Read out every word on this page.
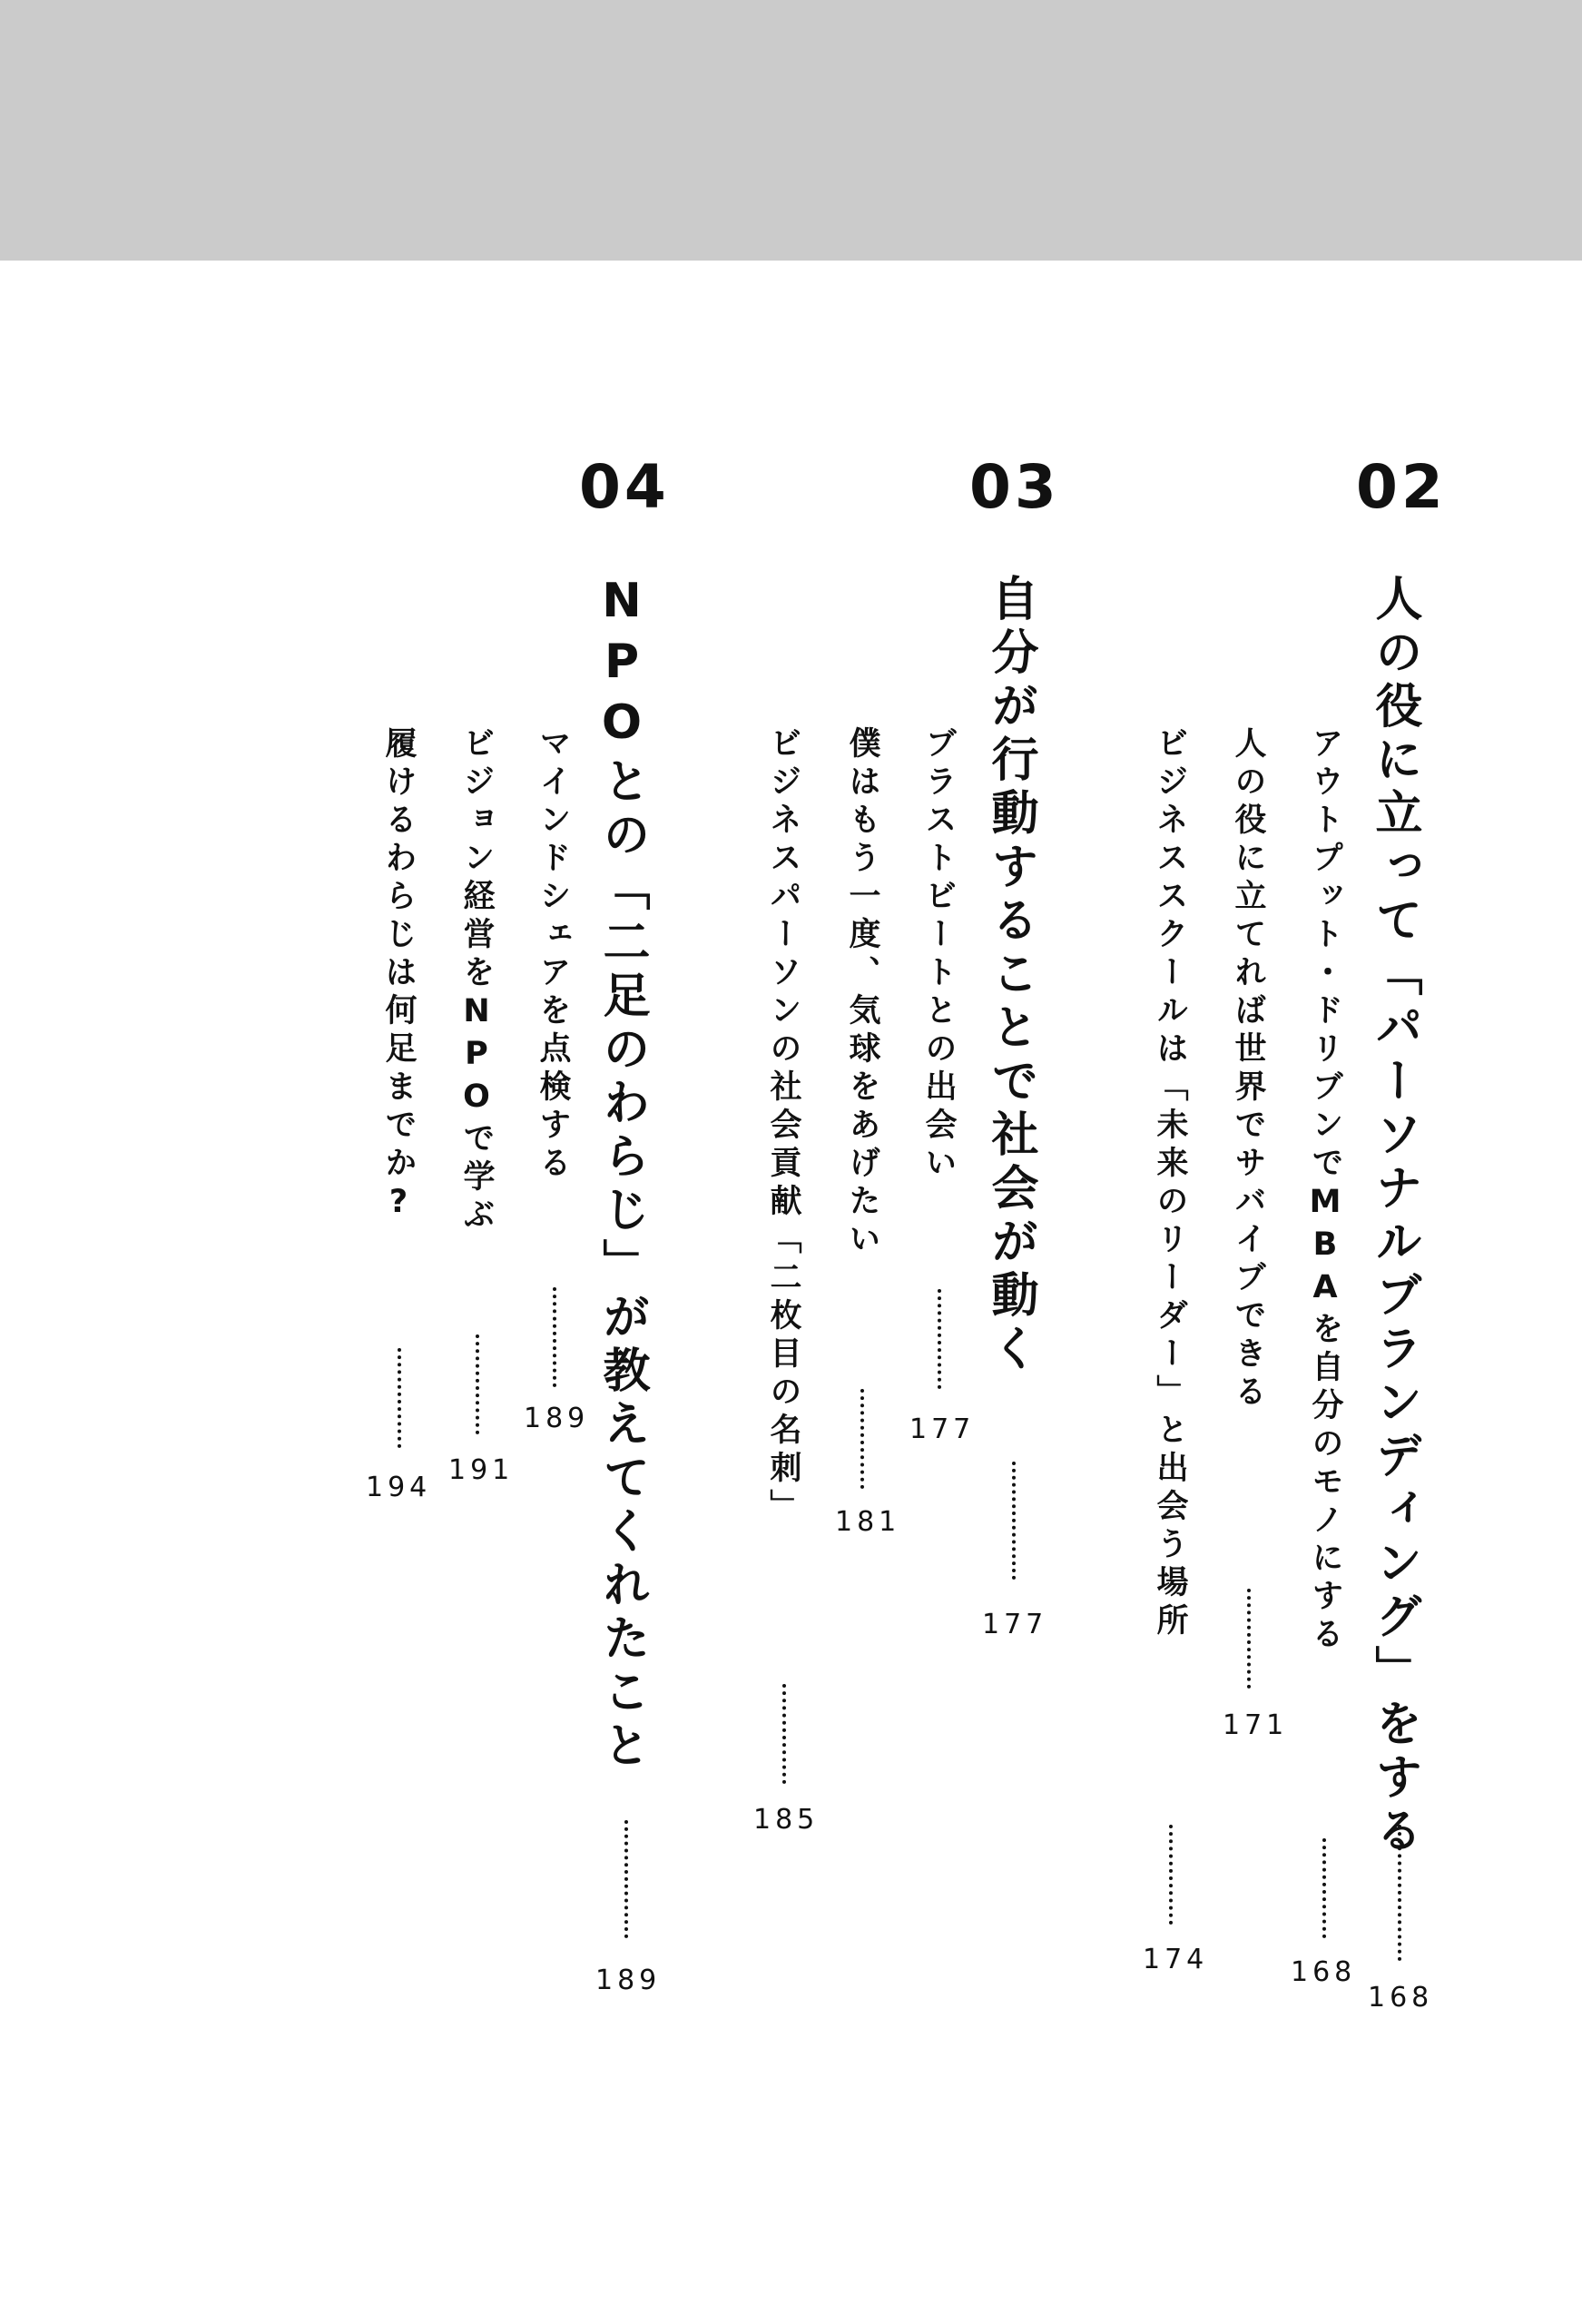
02
人の役に立って「パーソナルブランディング」をする
168
アウトプット・ドリブンでMBAを自分のモノにする
168
人の役に立てれば世界でサバイブできる
171
ビジネススクールは「未来のリーダー」と出会う場所
174
03
自分が行動することで社会が動く
177
ブラストビートとの出会い
177
僕はもう一度、気球をあげたい
181
ビジネスパーソンの社会貢献「二枚目の名刺」
185
04
NPOとの「二足のわらじ」が教えてくれたこと
189
マインドシェアを点検する
189
ビジョン経営をNPOで学ぶ
191
履けるわらじは何足までか?
194
